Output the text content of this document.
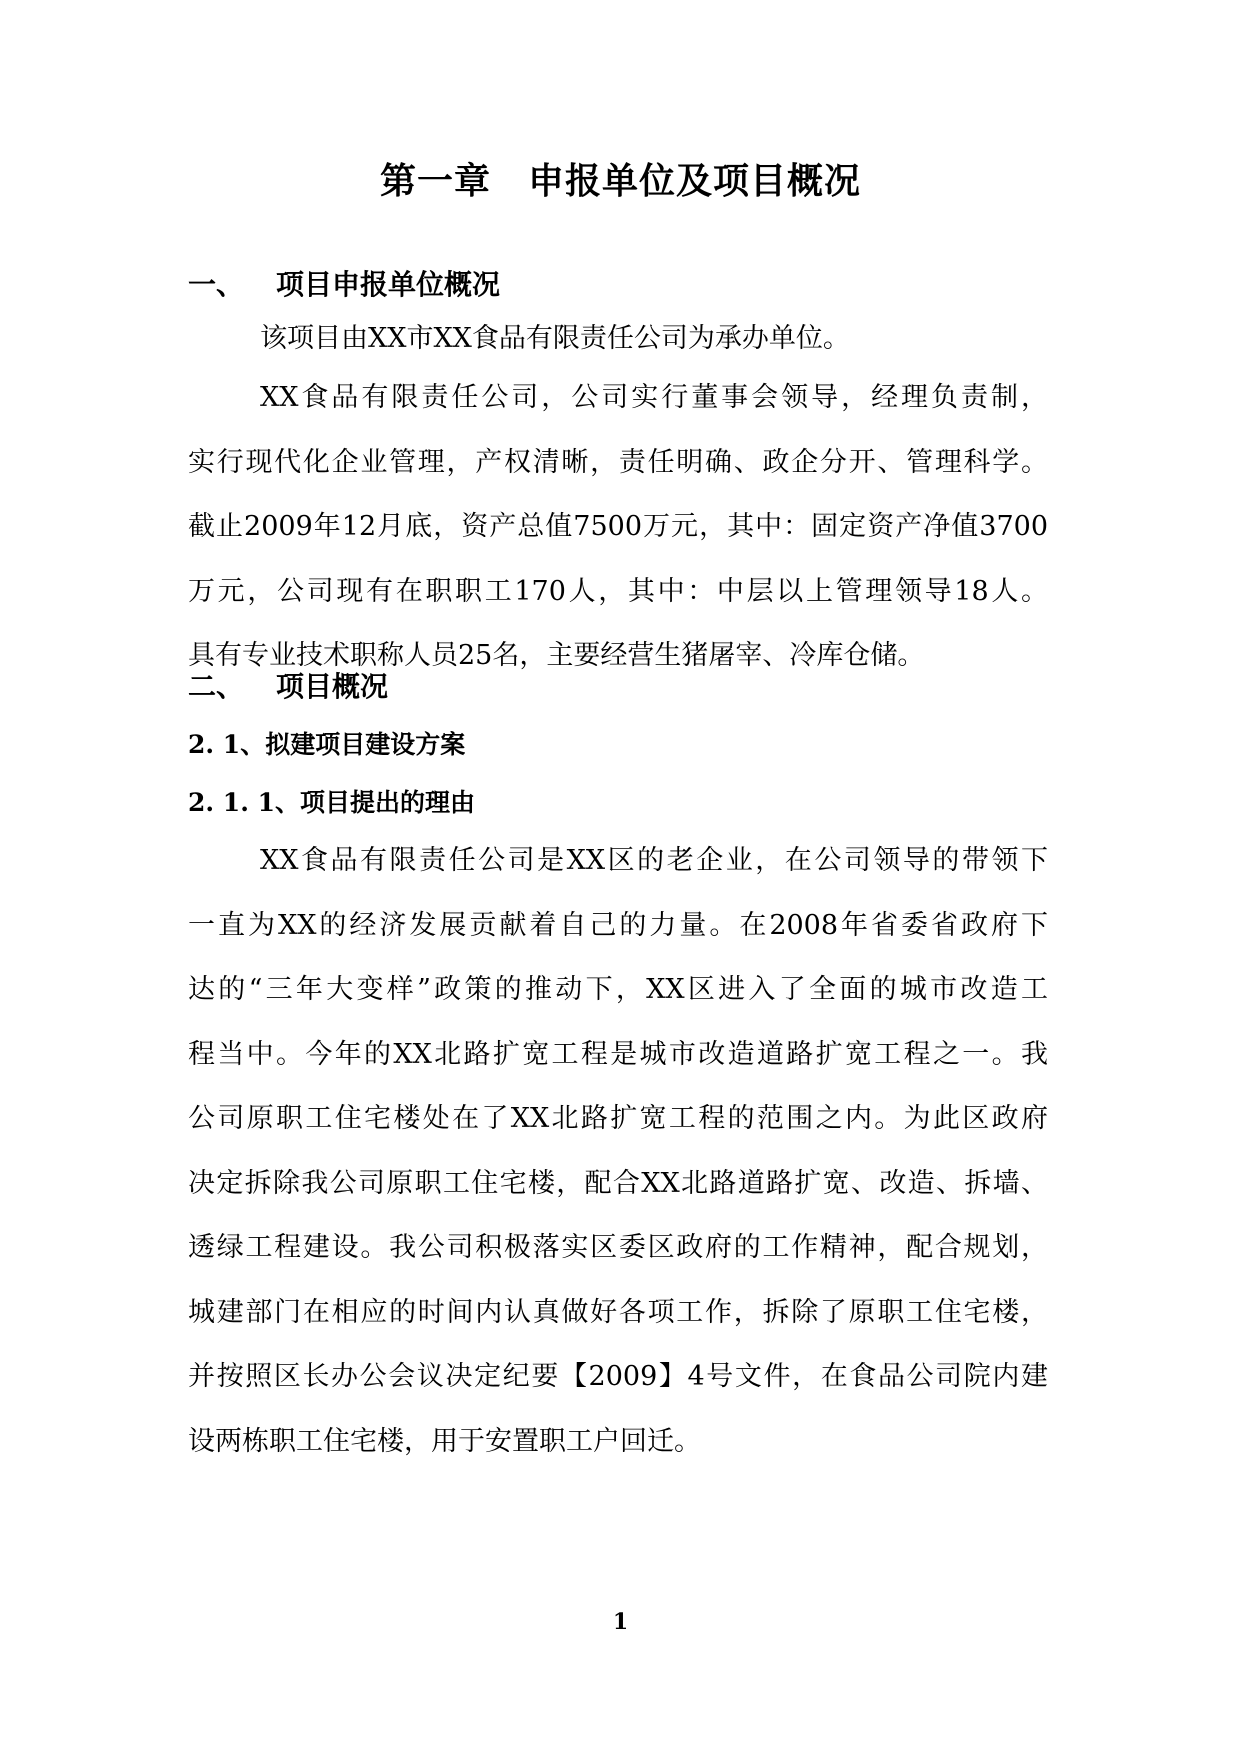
第一章　申报单位及项目概况
一、 项目申报单位概况
该项目由XX市XX食品有限责任公司为承办单位。
XX食品有限责任公司，公司实行董事会领导，经理负责制，
实行现代化企业管理，产权清晰，责任明确、政企分开、管理科学。
截止2009年12月底，资产总值7500万元，其中：固定资产净值3700
万元，公司现有在职职工170人，其中：中层以上管理领导18人。
具有专业技术职称人员25名，主要经营生猪屠宰、冷库仓储。
二、 项目概况
2. 1、拟建项目建设方案
2. 1. 1、项目提出的理由
XX食品有限责任公司是XX区的老企业，在公司领导的带领下
一直为XX的经济发展贡献着自己的力量。在2008年省委省政府下
达的“三年大变样”政策的推动下，XX区进入了全面的城市改造工
程当中。今年的XX北路扩宽工程是城市改造道路扩宽工程之一。我
公司原职工住宅楼处在了XX北路扩宽工程的范围之内。为此区政府
决定拆除我公司原职工住宅楼，配合XX北路道路扩宽、改造、拆墙、
透绿工程建设。我公司积极落实区委区政府的工作精神，配合规划，
城建部门在相应的时间内认真做好各项工作，拆除了原职工住宅楼，
并按照区长办公会议决定纪要【2009】4号文件，在食品公司院内建
设两栋职工住宅楼，用于安置职工户回迁。
1
